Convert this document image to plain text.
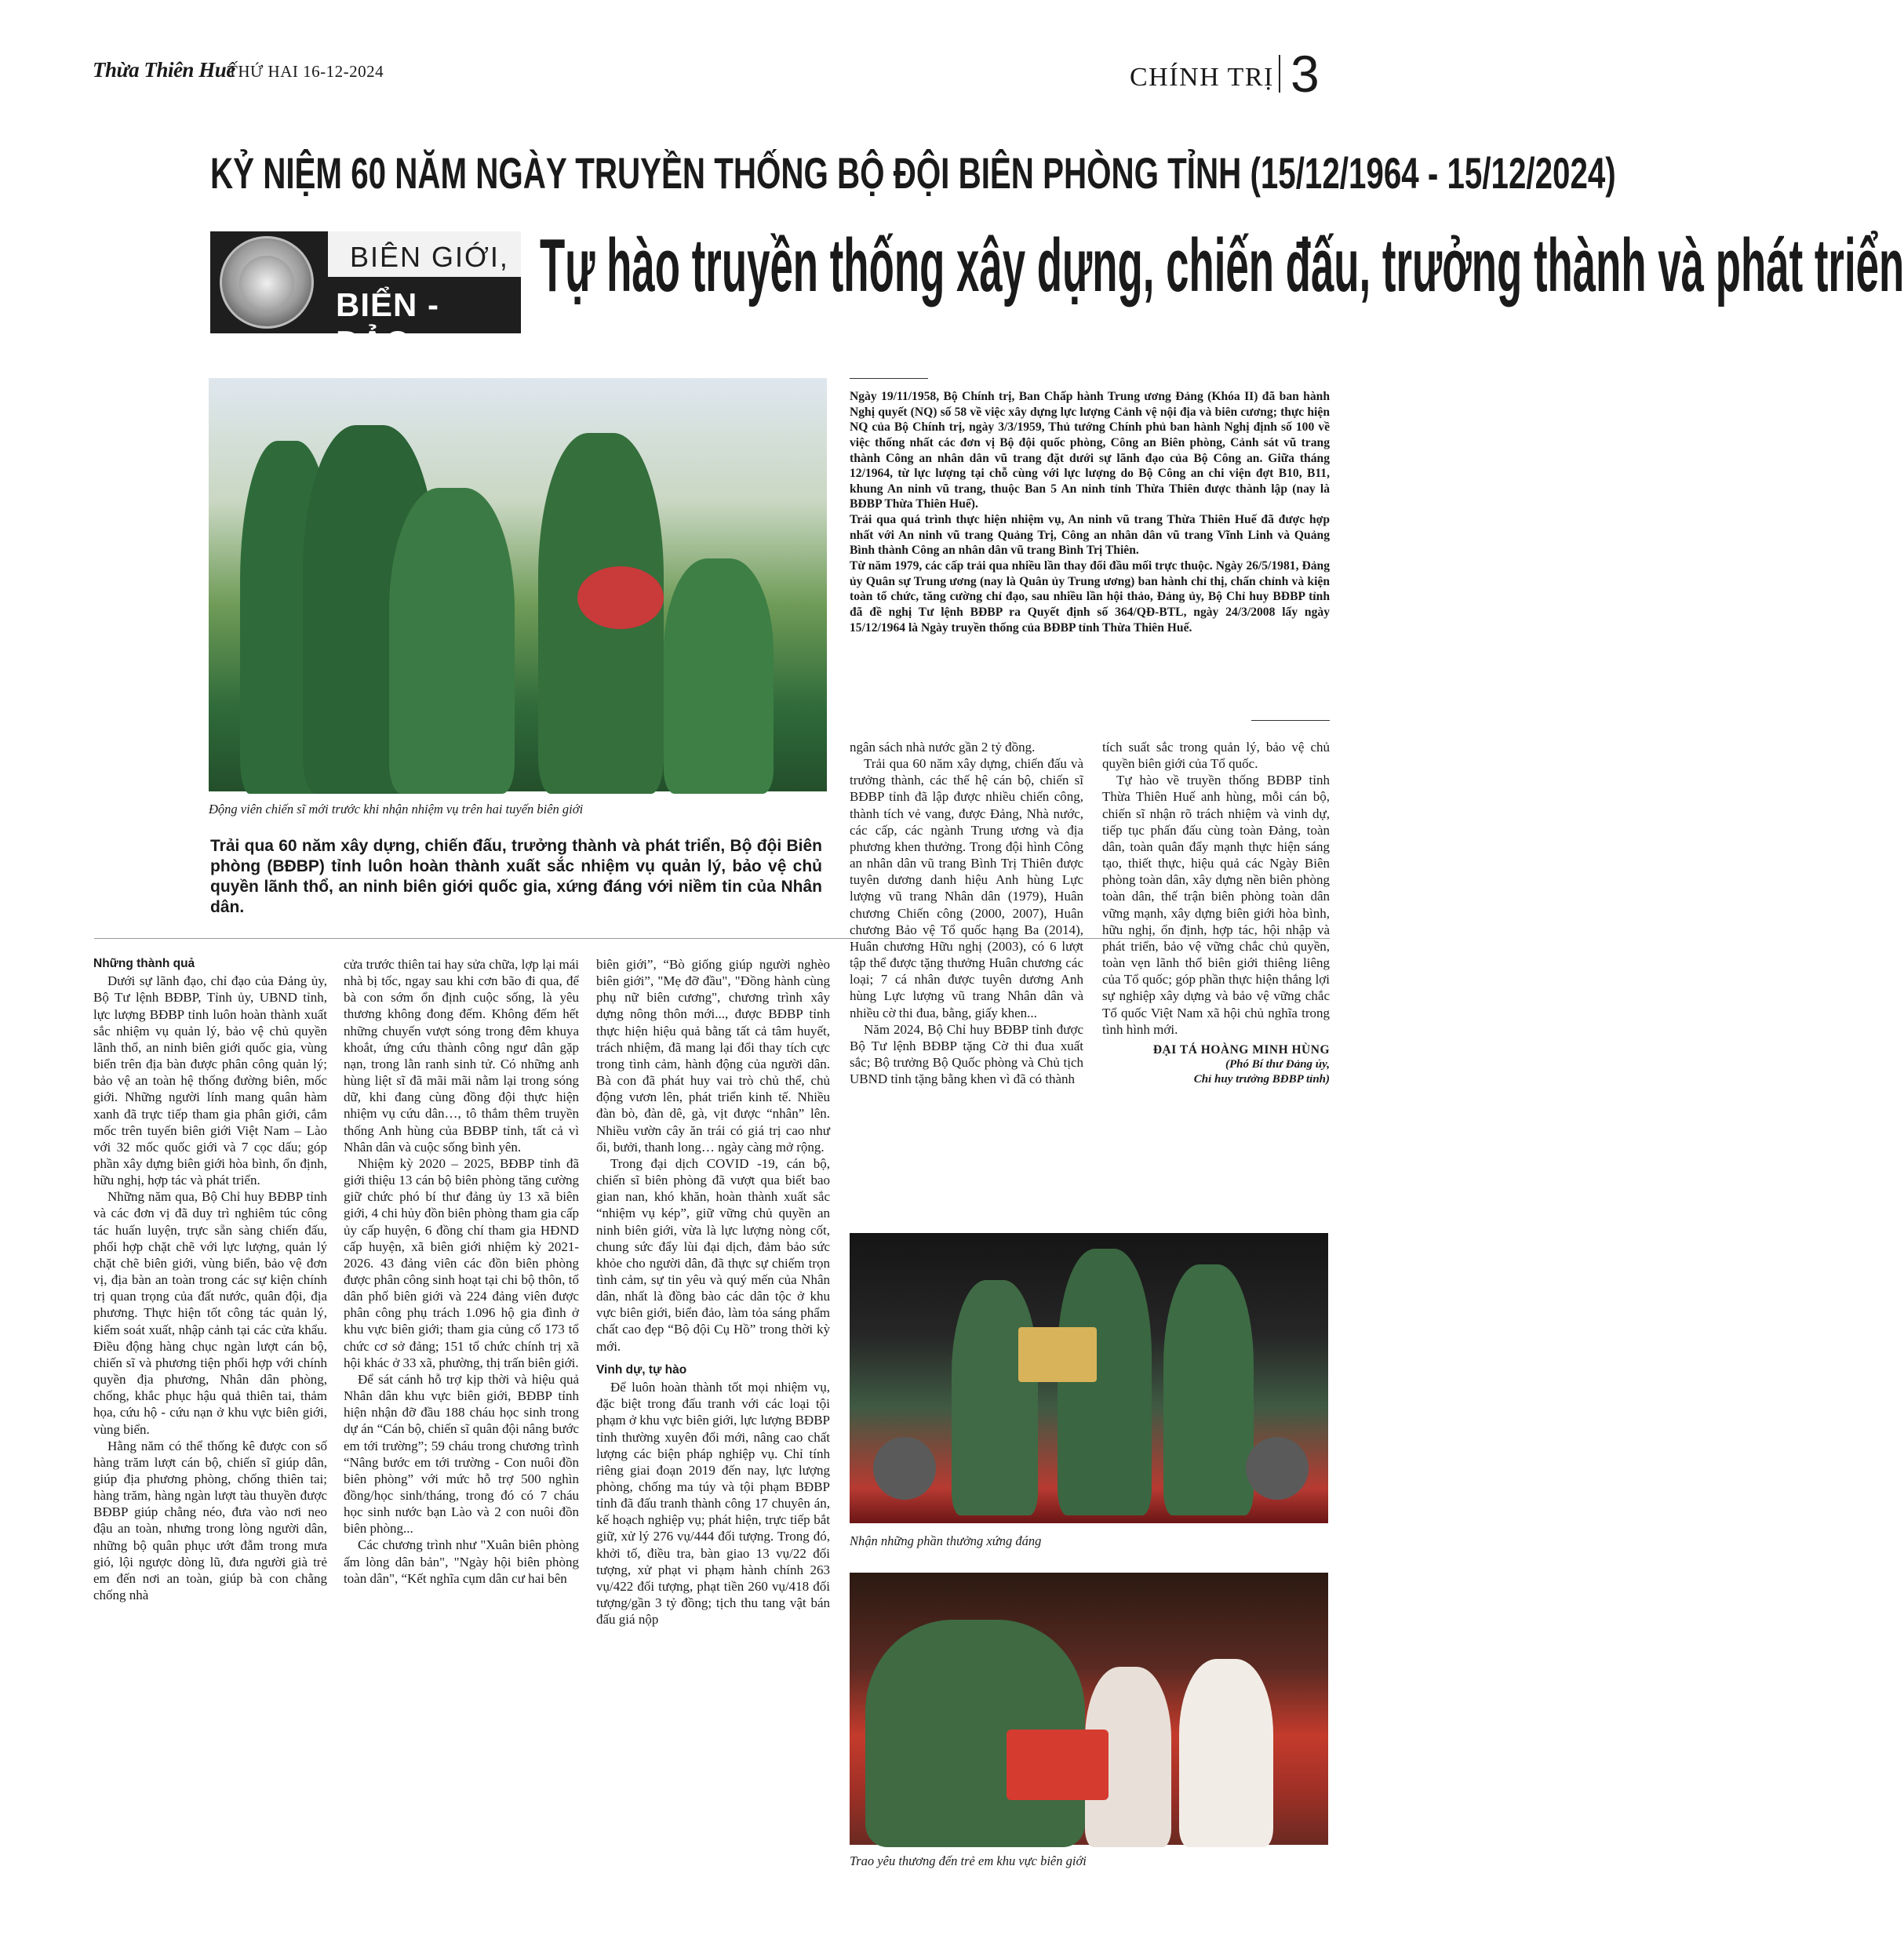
Thừa Thiên Huế
THỨ HAI 16-12-2024	CHÍNH TRỊ 3
KỶ NIỆM 60 NĂM NGÀY TRUYỀN THỐNG BỘ ĐỘI BIÊN PHÒNG TỈNH (15/12/1964 - 15/12/2024)
BIÊN GIỚI,
BIỂN - ĐẢO
Tự hào truyền thống xây dựng, chiến đấu, trưởng thành và phát triển
Động viên chiến sĩ mới trước khi nhận nhiệm vụ trên hai tuyến biên giới

Ngày 19/11/1958, Bộ Chính trị, Ban Chấp hành Trung ương Đảng (Khóa II) đã ban hành Nghị quyết (NQ) số 58 về việc xây dựng lực lượng Cảnh vệ nội địa và biên cương; thực hiện NQ của Bộ Chính trị, ngày 3/3/1959, Thủ tướng Chính phủ ban hành Nghị định số 100 về việc thống nhất các đơn vị Bộ đội quốc phòng, Công an Biên phòng, Cảnh sát vũ trang thành Công an nhân dân vũ trang đặt dưới sự lãnh đạo của Bộ Công an. Giữa tháng 12/1964, từ lực lượng tại chỗ cùng với lực lượng do Bộ Công an chi viện đợt B10, B11, khung An ninh vũ trang, thuộc Ban 5 An ninh tỉnh Thừa Thiên được thành lập (nay là BĐBP Thừa Thiên Huế).

Trải qua quá trình thực hiện nhiệm vụ, An ninh vũ trang Thừa Thiên Huế đã được hợp nhất với An ninh vũ trang Quảng Trị, Công an nhân dân vũ trang Vĩnh Linh và Quảng Bình thành Công an nhân dân vũ trang Bình Trị Thiên.

Từ năm 1979, các cấp trải qua nhiều lần thay đổi đầu mối trực thuộc. Ngày 26/5/1981, Đảng ủy Quân sự Trung ương (nay là Quân ủy Trung ương) ban hành chỉ thị, chấn chỉnh và kiện toàn tổ chức, tăng cường chỉ đạo, sau nhiều lần hội thảo, Đảng ủy, Bộ Chỉ huy BĐBP tỉnh đã đề nghị Tư lệnh BĐBP ra Quyết định số 364/QĐ-BTL, ngày 24/3/2008 lấy ngày 15/12/1964 là Ngày truyền thống của BĐBP tỉnh Thừa Thiên Huế.

Trải qua 60 năm xây dựng, chiến đấu, trưởng thành và phát triển, Bộ đội Biên phòng (BĐBP) tỉnh luôn hoàn thành xuất sắc nhiệm vụ quản lý, bảo vệ chủ quyền lãnh thổ, an ninh biên giới quốc gia, xứng đáng với niềm tin của Nhân dân.

Những thành quả

Dưới sự lãnh đạo, chỉ đạo của Đảng ủy, Bộ Tư lệnh BĐBP, Tỉnh ủy, UBND tỉnh, lực lượng BĐBP tỉnh luôn hoàn thành xuất sắc nhiệm vụ quản lý, bảo vệ chủ quyền lãnh thổ, an ninh biên giới quốc gia, vùng biển trên địa bàn được phân công quản lý; bảo vệ an toàn hệ thống đường biên, mốc giới. Những người lính mang quân hàm xanh đã trực tiếp tham gia phân giới, cắm mốc trên tuyến biên giới Việt Nam – Lào với 32 mốc quốc giới và 7 cọc dấu; góp phần xây dựng biên giới hòa bình, ổn định, hữu nghị, hợp tác và phát triển.

Những năm qua, Bộ Chỉ huy BĐBP tỉnh và các đơn vị đã duy trì nghiêm túc công tác huấn luyện, trực sẵn sàng chiến đấu, phối hợp chặt chẽ với lực lượng, quản lý chặt chẽ biên giới, vùng biển, bảo vệ đơn vị, địa bàn an toàn trong các sự kiện chính trị quan trọng của đất nước, quân đội, địa phương. Thực hiện tốt công tác quản lý, kiểm soát xuất, nhập cảnh tại các cửa khẩu. Điều động hàng chục ngàn lượt cán bộ, chiến sĩ và phương tiện phối hợp với chính quyền địa phương, Nhân dân phòng, chống, khắc phục hậu quả thiên tai, thảm họa, cứu hộ - cứu nạn ở khu vực biên giới, vùng biển.

Hằng năm có thể thống kê được con số hàng trăm lượt cán bộ, chiến sĩ giúp dân, giúp địa phương phòng, chống thiên tai; hàng trăm, hàng ngàn lượt tàu thuyền được BĐBP giúp chằng néo, đưa vào nơi neo đậu an toàn, nhưng trong lòng người dân, những bộ quân phục ướt đẫm trong mưa gió, lội ngược dòng lũ, đưa người già trẻ em đến nơi an toàn, giúp bà con chằng chống nhà

cửa trước thiên tai hay sửa chữa, lợp lại mái nhà bị tốc, ngay sau khi cơn bão đi qua, để bà con sớm ổn định cuộc sống, là yêu thương không đong đếm. Không đếm hết những chuyến vượt sóng trong đêm khuya khoắt, ứng cứu thành công ngư dân gặp nạn, trong lằn ranh sinh tử. Có những anh hùng liệt sĩ đã mãi mãi nằm lại trong sóng dữ, khi đang cùng đồng đội thực hiện nhiệm vụ cứu dân…, tô thắm thêm truyền thống Anh hùng của BĐBP tỉnh, tất cả vì Nhân dân và cuộc sống bình yên.

Nhiệm kỳ 2020 – 2025, BĐBP tỉnh đã giới thiệu 13 cán bộ biên phòng tăng cường giữ chức phó bí thư đảng ủy 13 xã biên giới, 4 chi hủy đồn biên phòng tham gia cấp ủy cấp huyện, 6 đồng chí tham gia HĐND cấp huyện, xã biên giới nhiệm kỳ 2021- 2026. 43 đảng viên các đồn biên phòng được phân công sinh hoạt tại chi bộ thôn, tổ dân phố biên giới và 224 đảng viên được phân công phụ trách 1.096 hộ gia đình ở khu vực biên giới; tham gia củng cố 173 tổ chức cơ sở đảng; 151 tổ chức chính trị xã hội khác ở 33 xã, phường, thị trấn biên giới.

Để sát cánh hỗ trợ kịp thời và hiệu quả Nhân dân khu vực biên giới, BĐBP tỉnh hiện nhận đỡ đầu 188 cháu học sinh trong dự án “Cán bộ, chiến sĩ quân đội nâng bước em tới trường”; 59 cháu trong chương trình “Nâng bước em tới trường - Con nuôi đồn biên phòng” với mức hỗ trợ 500 nghìn đồng/học sinh/tháng, trong đó có 7 cháu học sinh nước bạn Lào và 2 con nuôi đồn biên phòng...

Các chương trình như "Xuân biên phòng ấm lòng dân bản", "Ngày hội biên phòng toàn dân", “Kết nghĩa cụm dân cư hai bên

biên giới”, “Bò giống giúp người nghèo biên giới”, "Mẹ đỡ đầu", "Đồng hành cùng phụ nữ biên cương", chương trình xây dựng nông thôn mới..., được BĐBP tỉnh thực hiện hiệu quả bằng tất cả tâm huyết, trách nhiệm, đã mang lại đổi thay tích cực trong tình cảm, hành động của người dân. Bà con đã phát huy vai trò chủ thể, chủ động vươn lên, phát triển kinh tế. Nhiều đàn bò, đàn dê, gà, vịt được “nhân” lên. Nhiều vườn cây ăn trái có giá trị cao như ổi, bưởi, thanh long… ngày càng mở rộng.

Trong đại dịch COVID -19, cán bộ, chiến sĩ biên phòng đã vượt qua biết bao gian nan, khó khăn, hoàn thành xuất sắc “nhiệm vụ kép”, giữ vững chủ quyền an ninh biên giới, vừa là lực lượng nòng cốt, chung sức đẩy lùi đại dịch, đảm bảo sức khỏe cho người dân, đã thực sự chiếm trọn tình cảm, sự tin yêu và quý mến của Nhân dân, nhất là đồng bào các dân tộc ở khu vực biên giới, biển đảo, làm tỏa sáng phẩm chất cao đẹp “Bộ đội Cụ Hồ” trong thời kỳ mới.

Vinh dự, tự hào

Để luôn hoàn thành tốt mọi nhiệm vụ, đặc biệt trong đấu tranh với các loại tội phạm ở khu vực biên giới, lực lượng BĐBP tỉnh thường xuyên đổi mới, nâng cao chất lượng các biện pháp nghiệp vụ. Chỉ tính riêng giai đoạn 2019 đến nay, lực lượng phòng, chống ma túy và tội phạm BĐBP tỉnh đã đấu tranh thành công 17 chuyên án, kế hoạch nghiệp vụ; phát hiện, trực tiếp bắt giữ, xử lý 276 vụ/444 đối tượng. Trong đó, khởi tố, điều tra, bàn giao 13 vụ/22 đối tượng, xử phạt vi phạm hành chính 263 vụ/422 đối tượng, phạt tiền 260 vụ/418 đối tượng/gần 3 tỷ đồng; tịch thu tang vật bán đấu giá nộp

ngân sách nhà nước gần 2 tỷ đồng.

Trải qua 60 năm xây dựng, chiến đấu và trưởng thành, các thế hệ cán bộ, chiến sĩ BĐBP tỉnh đã lập được nhiều chiến công, thành tích vẻ vang, được Đảng, Nhà nước, các cấp, các ngành Trung ương và địa phương khen thưởng. Trong đội hình Công an nhân dân vũ trang Bình Trị Thiên được tuyên dương danh hiệu Anh hùng Lực lượng vũ trang Nhân dân (1979), Huân chương Chiến công (2000, 2007), Huân chương Bảo vệ Tổ quốc hạng Ba (2014), Huân chương Hữu nghị (2003), có 6 lượt tập thể được tặng thưởng Huân chương các loại; 7 cá nhân được tuyên dương Anh hùng Lực lượng vũ trang Nhân dân và nhiều cờ thi đua, bằng, giấy khen...

Năm 2024, Bộ Chỉ huy BĐBP tỉnh được Bộ Tư lệnh BĐBP tặng Cờ thi đua xuất sắc; Bộ trưởng Bộ Quốc phòng và Chủ tịch UBND tỉnh tặng bằng khen vì đã có thành

tích suất sắc trong quản lý, bảo vệ chủ quyền biên giới của Tổ quốc.

Tự hào về truyền thống BĐBP tỉnh Thừa Thiên Huế anh hùng, mỗi cán bộ, chiến sĩ nhận rõ trách nhiệm và vinh dự, tiếp tục phấn đấu cùng toàn Đảng, toàn dân, toàn quân đẩy mạnh thực hiện sáng tạo, thiết thực, hiệu quả các Ngày Biên phòng toàn dân, xây dựng nền biên phòng toàn dân, thế trận biên phòng toàn dân vững mạnh, xây dựng biên giới hòa bình, hữu nghị, ổn định, hợp tác, hội nhập và phát triển, bảo vệ vững chắc chủ quyền, toàn vẹn lãnh thổ biên giới thiêng liêng của Tổ quốc; góp phần thực hiện thắng lợi sự nghiệp xây dựng và bảo vệ vững chắc Tổ quốc Việt Nam xã hội chủ nghĩa trong tình hình mới.

ĐẠI TÁ HOÀNG MINH HÙNG
(Phó Bí thư Đảng ủy,
Chỉ huy trưởng BĐBP tỉnh)
Nhận những phần thưởng xứng đáng
Trao yêu thương đến trẻ em khu vực biên giới
